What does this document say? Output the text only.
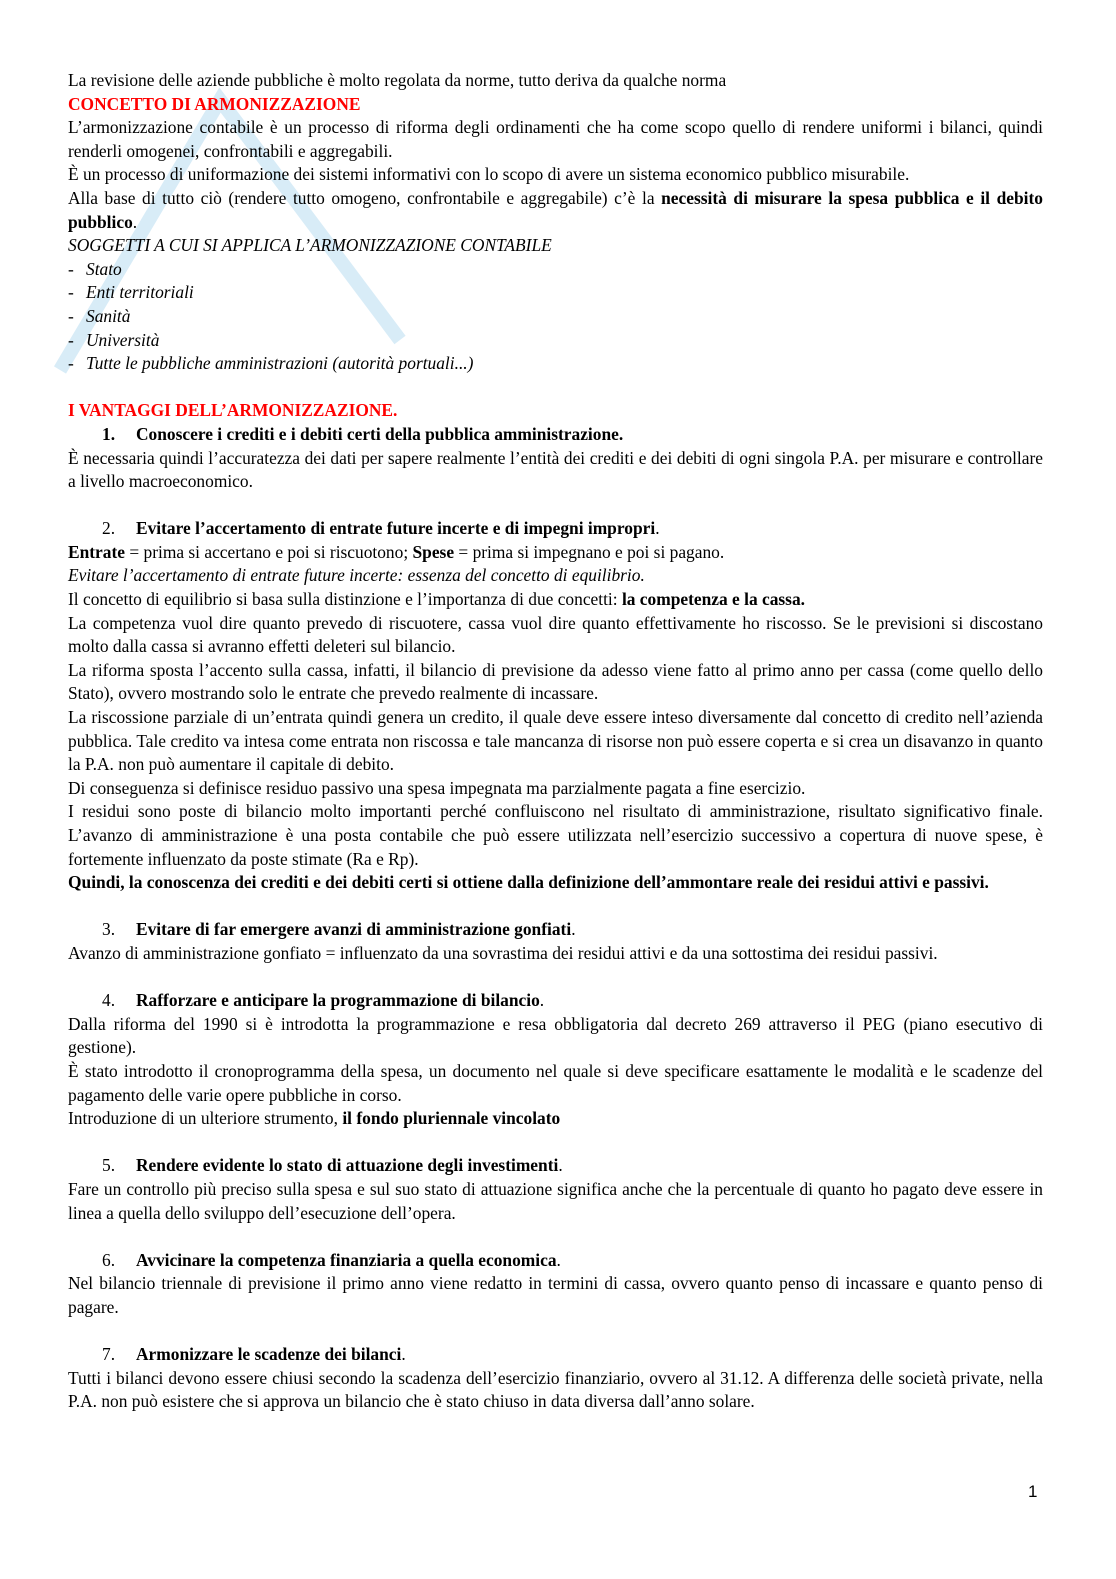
La revisione delle aziende pubbliche è molto regolata da norme, tutto deriva da qualche norma

CONCETTO DI ARMONIZZAZIONE

L’armonizzazione contabile è un processo di riforma degli ordinamenti che ha come scopo quello di rendere uniformi i bilanci, quindi renderli omogenei, confrontabili e aggregabili.

È un processo di uniformazione dei sistemi informativi con lo scopo di avere un sistema economico pubblico misurabile.

Alla base di tutto ciò (rendere tutto omogeno, confrontabile e aggregabile) c’è la necessità di misurare la spesa pubblica e il debito pubblico.

SOGGETTI A CUI SI APPLICA L’ARMONIZZAZIONE CONTABILE

- Stato

- Enti territoriali

- Sanità

- Università

- Tutte le pubbliche amministrazioni (autorità portuali...)

I VANTAGGI DELL’ARMONIZZAZIONE.

1. Conoscere i crediti e i debiti certi della pubblica amministrazione.

È necessaria quindi l’accuratezza dei dati per sapere realmente l’entità dei crediti e dei debiti di ogni singola P.A. per misurare e controllare a livello macroeconomico.

2. Evitare l’accertamento di entrate future incerte e di impegni impropri.

Entrate = prima si accertano e poi si riscuotono; Spese = prima si impegnano e poi si pagano.

Evitare l’accertamento di entrate future incerte: essenza del concetto di equilibrio.

Il concetto di equilibrio si basa sulla distinzione e l’importanza di due concetti: la competenza e la cassa.

La competenza vuol dire quanto prevedo di riscuotere, cassa vuol dire quanto effettivamente ho riscosso. Se le previsioni si discostano molto dalla cassa si avranno effetti deleteri sul bilancio.

La riforma sposta l’accento sulla cassa, infatti, il bilancio di previsione da adesso viene fatto al primo anno per cassa (come quello dello Stato), ovvero mostrando solo le entrate che prevedo realmente di incassare.

La riscossione parziale di un’entrata quindi genera un credito, il quale deve essere inteso diversamente dal concetto di credito nell’azienda pubblica. Tale credito va intesa come entrata non riscossa e tale mancanza di risorse non può essere coperta e si crea un disavanzo in quanto la P.A. non può aumentare il capitale di debito.

Di conseguenza si definisce residuo passivo una spesa impegnata ma parzialmente pagata a fine esercizio.

I residui sono poste di bilancio molto importanti perché confluiscono nel risultato di amministrazione, risultato significativo finale. L’avanzo di amministrazione è una posta contabile che può essere utilizzata nell’esercizio successivo a copertura di nuove spese, è fortemente influenzato da poste stimate (Ra e Rp).

Quindi, la conoscenza dei crediti e dei debiti certi si ottiene dalla definizione dell’ammontare reale dei residui attivi e passivi.

3. Evitare di far emergere avanzi di amministrazione gonfiati.

Avanzo di amministrazione gonfiato = influenzato da una sovrastima dei residui attivi e da una sottostima dei residui passivi.

4. Rafforzare e anticipare la programmazione di bilancio.

Dalla riforma del 1990 si è introdotta la programmazione e resa obbligatoria dal decreto 269 attraverso il PEG (piano esecutivo di gestione).

È stato introdotto il cronoprogramma della spesa, un documento nel quale si deve specificare esattamente le modalità e le scadenze del pagamento delle varie opere pubbliche in corso.

Introduzione di un ulteriore strumento, il fondo pluriennale vincolato

5. Rendere evidente lo stato di attuazione degli investimenti.

Fare un controllo più preciso sulla spesa e sul suo stato di attuazione significa anche che la percentuale di quanto ho pagato deve essere in linea a quella dello sviluppo dell’esecuzione dell’opera.

6. Avvicinare la competenza finanziaria a quella economica.

Nel bilancio triennale di previsione il primo anno viene redatto in termini di cassa, ovvero quanto penso di incassare e quanto penso di pagare.

7. Armonizzare le scadenze dei bilanci.

Tutti i bilanci devono essere chiusi secondo la scadenza dell’esercizio finanziario, ovvero al 31.12. A differenza delle società private, nella P.A. non può esistere che si approva un bilancio che è stato chiuso in data diversa dall’anno solare.

1
